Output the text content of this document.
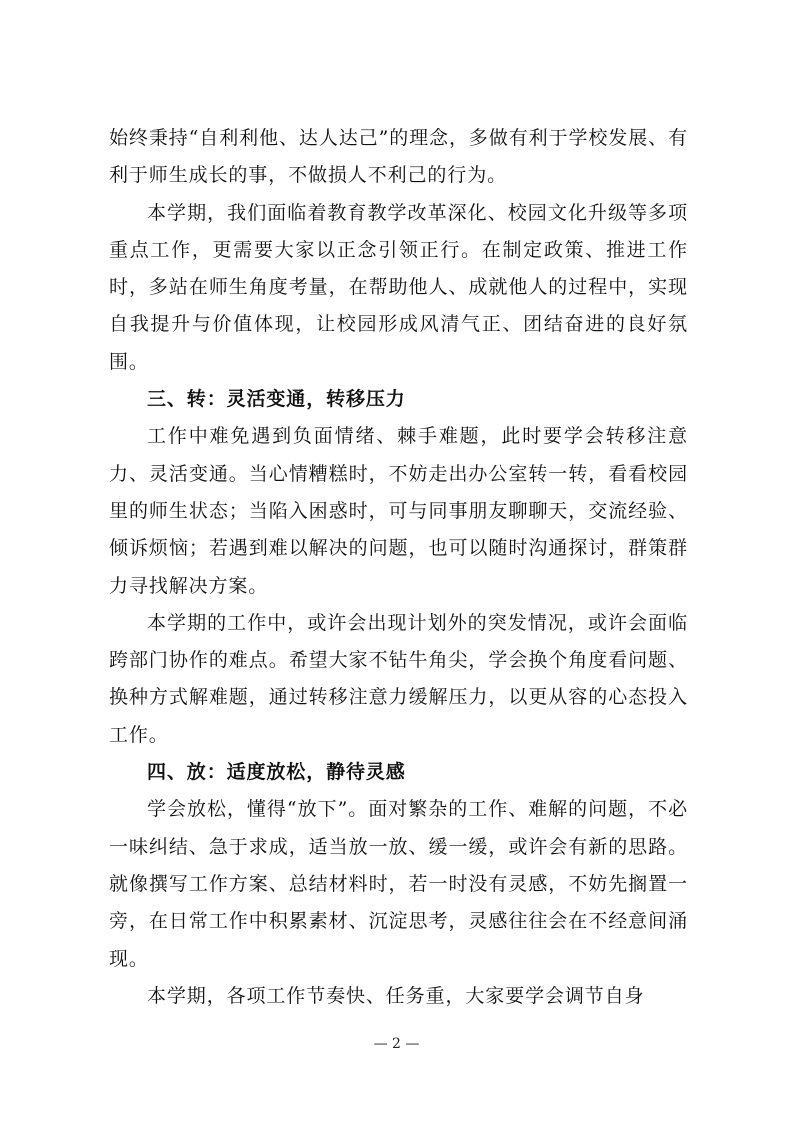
始终秉持“自利利他、达人达己”的理念，多做有利于学校发展、有利于师生成长的事，不做损人不利己的行为。

本学期，我们面临着教育教学改革深化、校园文化升级等多项重点工作，更需要大家以正念引领正行。在制定政策、推进工作时，多站在师生角度考量，在帮助他人、成就他人的过程中，实现自我提升与价值体现，让校园形成风清气正、团结奋进的良好氛围。

三、转：灵活变通，转移压力

工作中难免遇到负面情绪、棘手难题，此时要学会转移注意力、灵活变通。当心情糟糕时，不妨走出办公室转一转，看看校园里的师生状态；当陷入困惑时，可与同事朋友聊聊天，交流经验、倾诉烦恼；若遇到难以解决的问题，也可以随时沟通探讨，群策群力寻找解决方案。

本学期的工作中，或许会出现计划外的突发情况，或许会面临跨部门协作的难点。希望大家不钻牛角尖，学会换个角度看问题、换种方式解难题，通过转移注意力缓解压力，以更从容的心态投入工作。

四、放：适度放松，静待灵感

学会放松，懂得“放下”。面对繁杂的工作、难解的问题，不必一味纠结、急于求成，适当放一放、缓一缓，或许会有新的思路。就像撰写工作方案、总结材料时，若一时没有灵感，不妨先搁置一旁，在日常工作中积累素材、沉淀思考，灵感往往会在不经意间涌现。

本学期，各项工作节奏快、任务重，大家要学会调节自身

— 2 —
